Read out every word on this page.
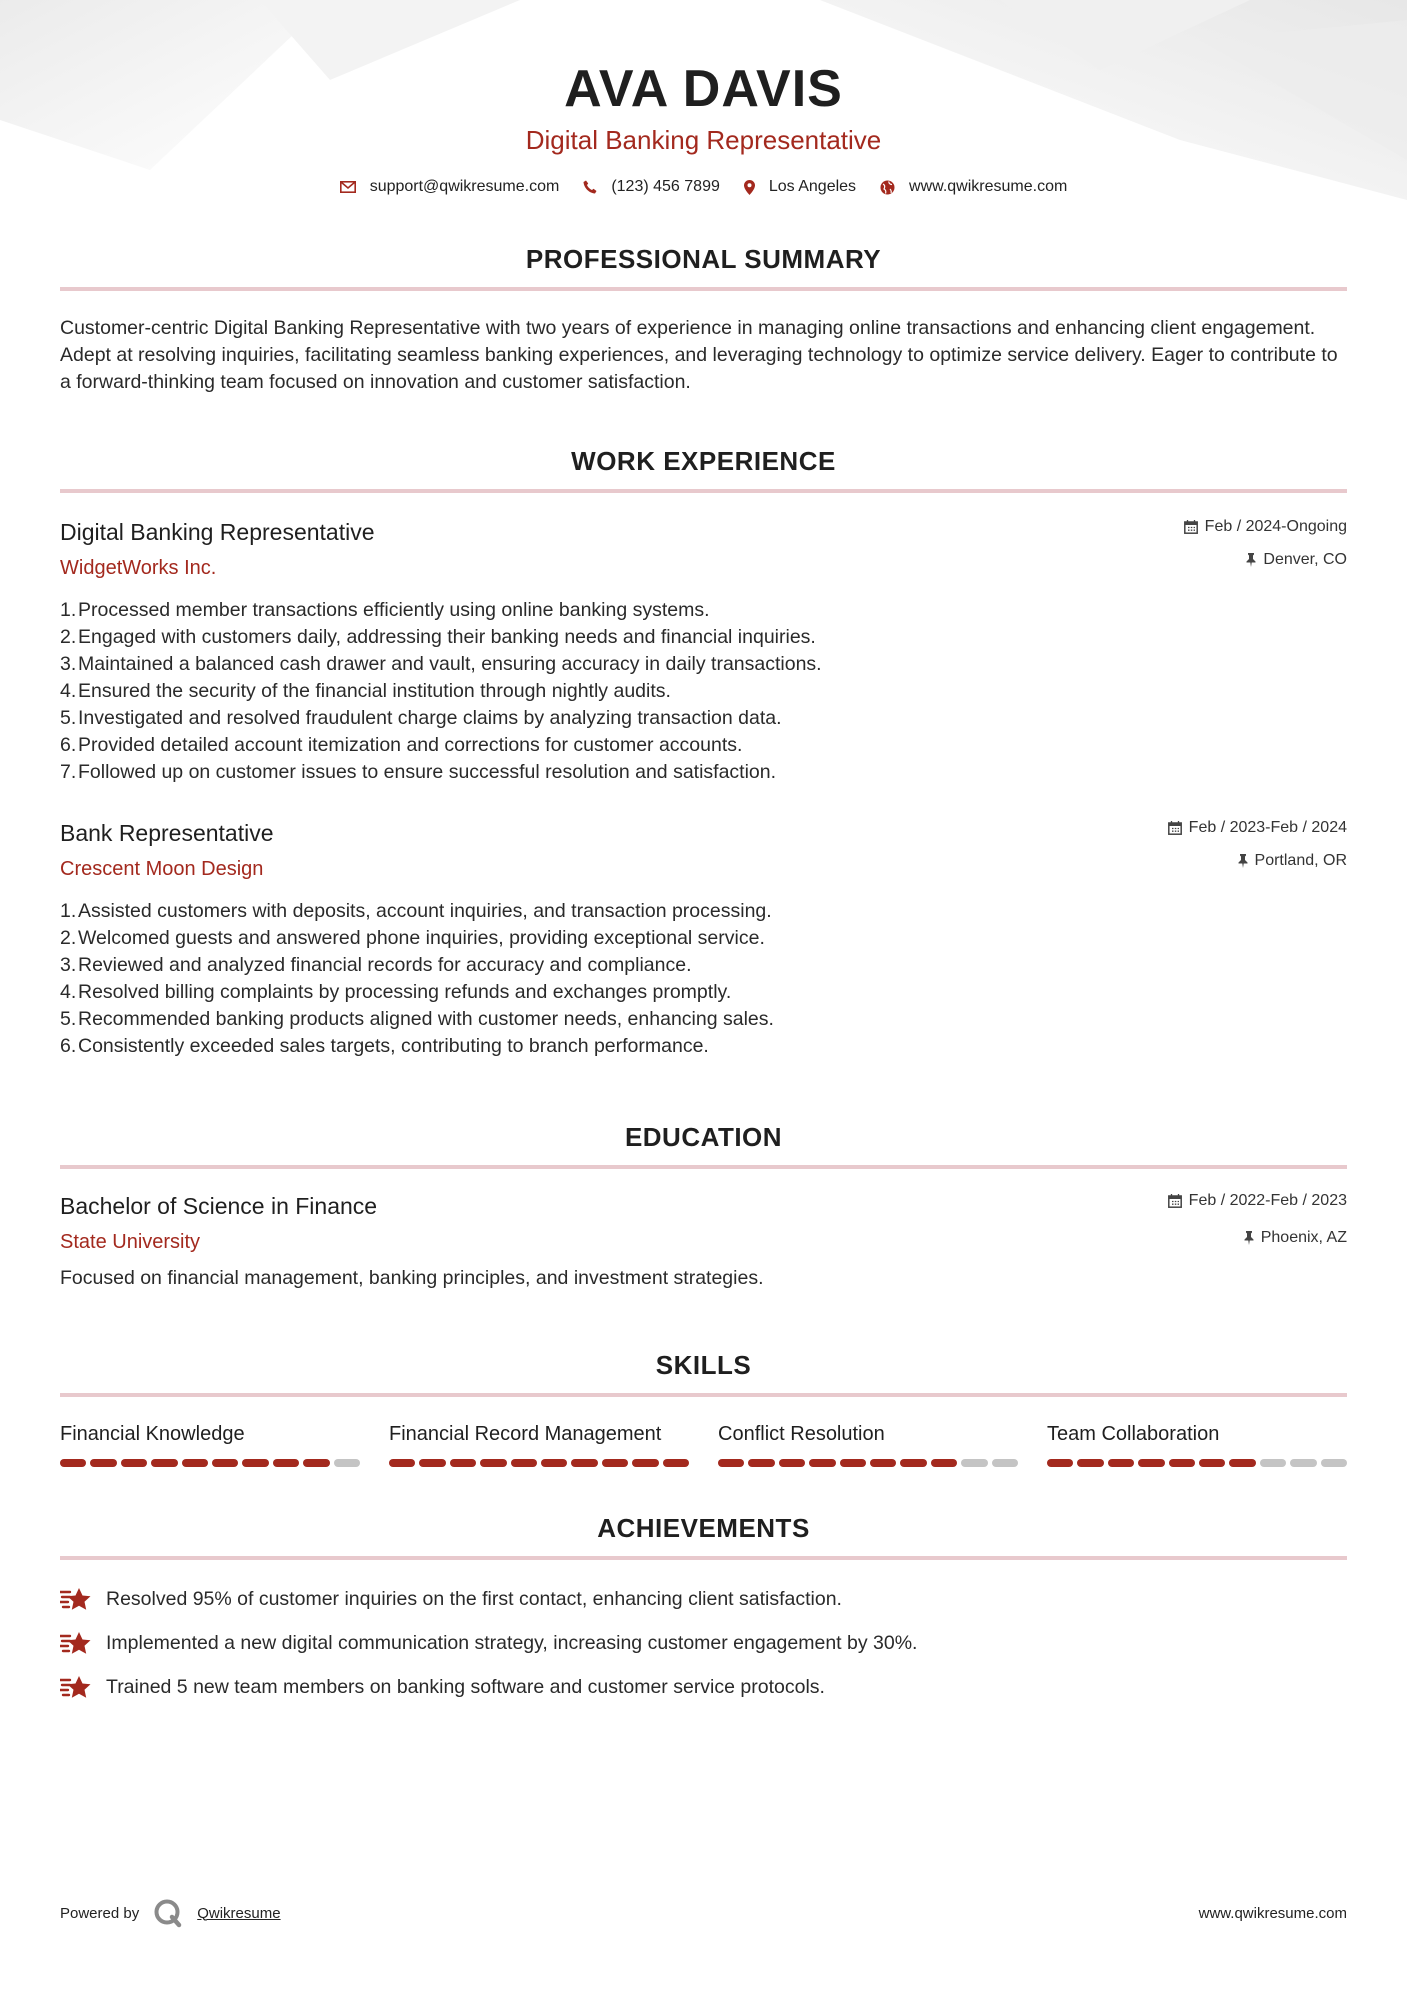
AVA DAVIS
Digital Banking Representative
support@qwikresume.com	(123) 456 7899	Los Angeles	www.qwikresume.com
PROFESSIONAL SUMMARY

Customer-centric Digital Banking Representative with two years of experience in managing online transactions and enhancing client engagement. Adept at resolving inquiries, facilitating seamless banking experiences, and leveraging technology to optimize service delivery. Eager to contribute to a forward-thinking team focused on innovation and customer satisfaction.

WORK EXPERIENCE
Digital Banking Representative
WidgetWorks Inc.
Feb / 2024-Ongoing
Denver, CO
1. Processed member transactions efficiently using online banking systems.
2. Engaged with customers daily, addressing their banking needs and financial inquiries.
3. Maintained a balanced cash drawer and vault, ensuring accuracy in daily transactions.
4. Ensured the security of the financial institution through nightly audits.
5. Investigated and resolved fraudulent charge claims by analyzing transaction data.
6. Provided detailed account itemization and corrections for customer accounts.
7. Followed up on customer issues to ensure successful resolution and satisfaction.
Bank Representative
Crescent Moon Design
Feb / 2023-Feb / 2024
Portland, OR
1. Assisted customers with deposits, account inquiries, and transaction processing.
2. Welcomed guests and answered phone inquiries, providing exceptional service.
3. Reviewed and analyzed financial records for accuracy and compliance.
4. Resolved billing complaints by processing refunds and exchanges promptly.
5. Recommended banking products aligned with customer needs, enhancing sales.
6. Consistently exceeded sales targets, contributing to branch performance.
EDUCATION
Bachelor of Science in Finance
State University
Feb / 2022-Feb / 2023
Phoenix, AZ

Focused on financial management, banking principles, and investment strategies.

SKILLS
Financial Knowledge	Financial Record Management	Conflict Resolution	Team Collaboration
ACHIEVEMENTS
Resolved 95% of customer inquiries on the first contact, enhancing client satisfaction.
Implemented a new digital communication strategy, increasing customer engagement by 30%.
Trained 5 new team members on banking software and customer service protocols.
Powered by	Qwikresume	www.qwikresume.com
